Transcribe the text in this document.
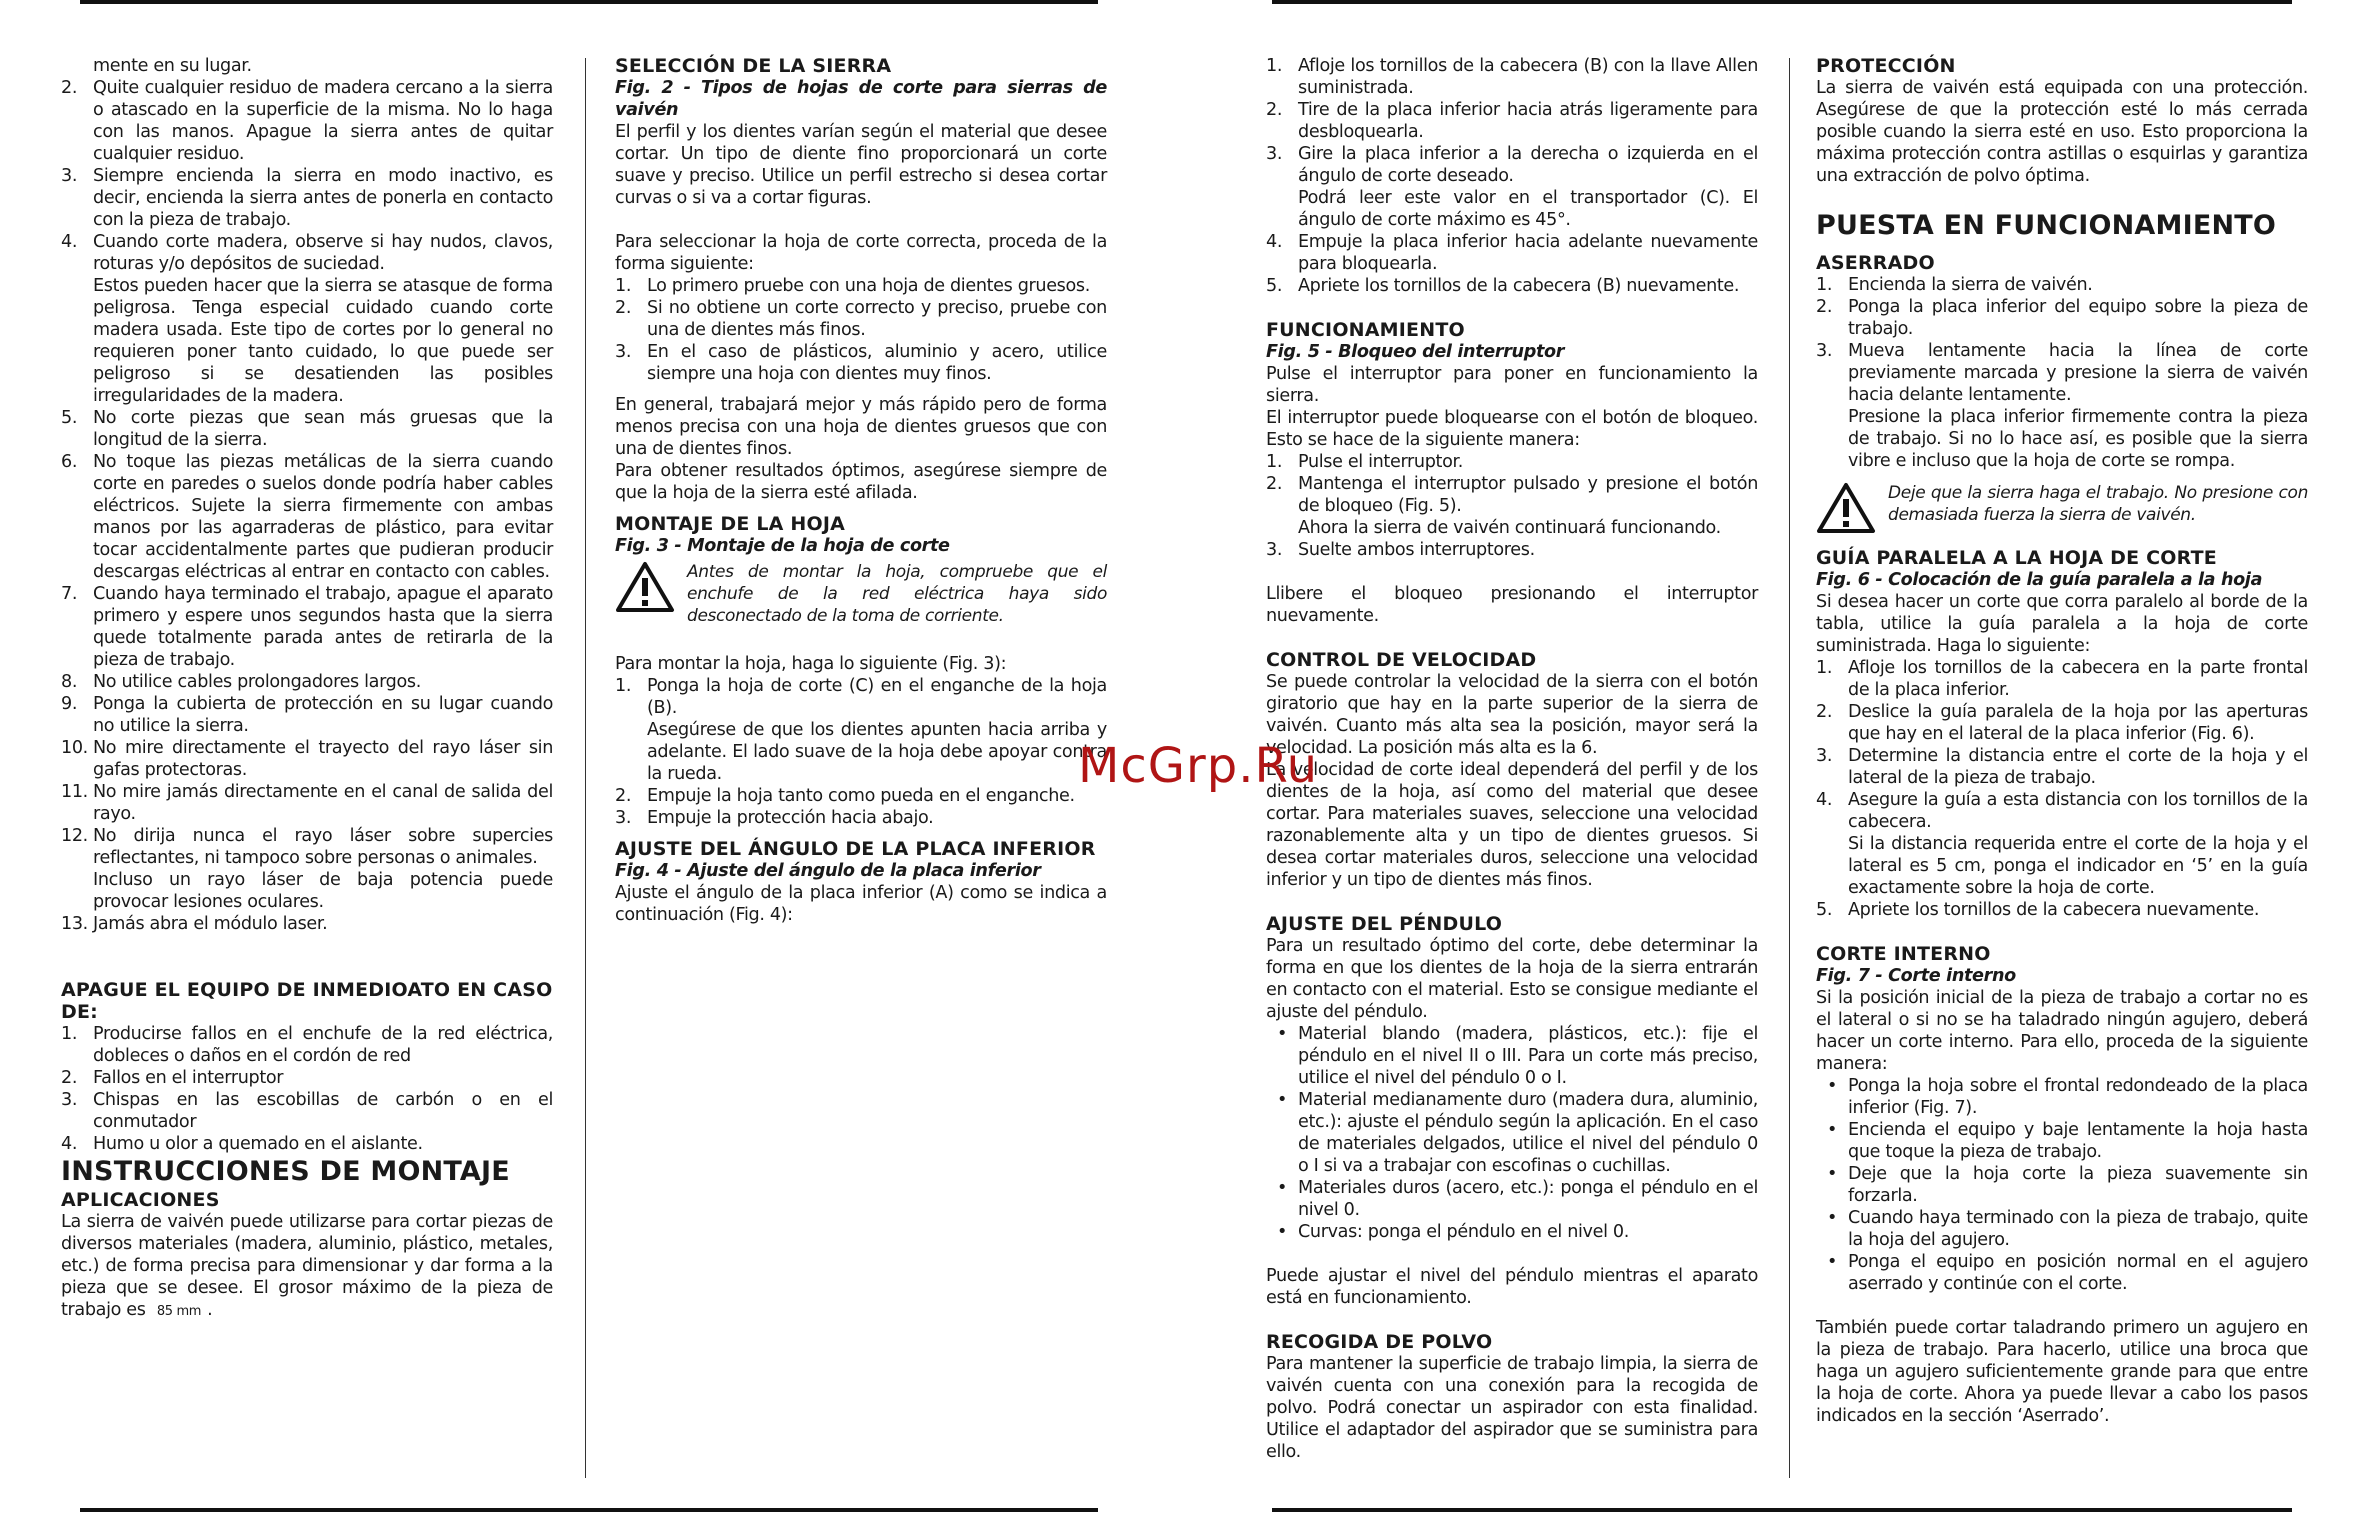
mente en su lugar.

2. Quite cualquier residuo de madera cercano a la sierra o atascado en la superficie de la misma. No lo haga con las manos. Apague la sierra antes de quitar cualquier residuo.
3. Siempre encienda la sierra en modo inactivo, es decir, encienda la sierra antes de ponerla en contacto con la pieza de trabajo.
4. Cuando corte madera, observe si hay nudos, clavos, roturas y/o depósitos de suciedad.
Estos pueden hacer que la sierra se atasque de forma peligrosa. Tenga especial cuidado cuando corte madera usada. Este tipo de cortes por lo general no requieren poner tanto cuidado, lo que puede ser peligroso si se desatienden las posibles irregularidades de la madera.
5. No corte piezas que sean más gruesas que la longitud de la sierra.
6. No toque las piezas metálicas de la sierra cuando corte en paredes o suelos donde podría haber cables eléctricos. Sujete la sierra firmemente con ambas manos por las agarraderas de plástico, para evitar tocar accidentalmente partes que pudieran producir descargas eléctricas al entrar en contacto con cables.
7. Cuando haya terminado el trabajo, apague el aparato primero y espere unos segundos hasta que la sierra quede totalmente parada antes de retirarla de la pieza de trabajo.
8. No utilice cables prolongadores largos.
9. Ponga la cubierta de protección en su lugar cuando no utilice la sierra.
10. No mire directamente el trayecto del rayo láser sin gafas protectoras.
11. No mire jamás directamente en el canal de salida del rayo.
12. No dirija nunca el rayo láser sobre supercies reflectantes, ni tampoco sobre personas o animales.
Incluso un rayo láser de baja potencia puede provocar lesiones oculares.
13. Jamás abra el módulo laser.

APAGUE EL EQUIPO DE INMEDIOATO EN CASO DE:

1. Producirse fallos en el enchufe de la red eléctrica, dobleces o daños en el cordón de red
2. Fallos en el interruptor
3. Chispas en las escobillas de carbón o en el conmutador
4. Humo u olor a quemado en el aislante.

INSTRUCCIONES DE MONTAJE

APLICACIONES

La sierra de vaivén puede utilizarse para cortar piezas de diversos materiales (madera, aluminio, plástico, metales, etc.) de forma precisa para dimensionar y dar forma a la pieza que se desee. El grosor máximo de la pieza de trabajo es 85 mm .

SELECCIÓN DE LA SIERRA

Fig. 2 - Tipos de hojas de corte para sierras de vaivén

El perfil y los dientes varían según el material que desee cortar. Un tipo de diente fino proporcionará un corte suave y preciso. Utilice un perfil estrecho si desea cortar curvas o si va a cortar figuras.

Para seleccionar la hoja de corte correcta, proceda de la forma siguiente:

1. Lo primero pruebe con una hoja de dientes gruesos.
2. Si no obtiene un corte correcto y preciso, pruebe con una de dientes más finos.
3. En el caso de plásticos, aluminio y acero, utilice siempre una hoja con dientes muy finos.

En general, trabajará mejor y más rápido pero de forma menos precisa con una hoja de dientes gruesos que con una de dientes finos.

Para obtener resultados óptimos, asegúrese siempre de que la hoja de la sierra esté afilada.

MONTAJE DE LA HOJA

Fig. 3 - Montaje de la hoja de corte

Antes de montar la hoja, compruebe que el enchufe de la red eléctrica haya sido desconectado de la toma de corriente.

Para montar la hoja, haga lo siguiente (Fig. 3):

1. Ponga la hoja de corte (C) en el enganche de la hoja (B).
Asegúrese de que los dientes apunten hacia arriba y adelante. El lado suave de la hoja debe apoyar contra la rueda.
2. Empuje la hoja tanto como pueda en el enganche.
3. Empuje la protección hacia abajo.

AJUSTE DEL ÁNGULO DE LA PLACA INFERIOR

Fig. 4 - Ajuste del ángulo de la placa inferior

Ajuste el ángulo de la placa inferior (A) como se indica a continuación (Fig. 4):

1. Afloje los tornillos de la cabecera (B) con la llave Allen suministrada.
2. Tire de la placa inferior hacia atrás ligeramente para desbloquearla.
3. Gire la placa inferior a la derecha o izquierda en el ángulo de corte deseado.
Podrá leer este valor en el transportador (C). El ángulo de corte máximo es 45°.
4. Empuje la placa inferior hacia adelante nuevamente para bloquearla.
5. Apriete los tornillos de la cabecera (B) nuevamente.

FUNCIONAMIENTO

Fig. 5 - Bloqueo del interruptor

Pulse el interruptor para poner en funcionamiento la sierra.

El interruptor puede bloquearse con el botón de bloqueo. Esto se hace de la siguiente manera:

1. Pulse el interruptor.
2. Mantenga el interruptor pulsado y presione el botón de bloqueo (Fig. 5).
Ahora la sierra de vaivén continuará funcionando.
3. Suelte ambos interruptores.

Llibere el bloqueo presionando el interruptor nuevamente.

CONTROL DE VELOCIDAD

Se puede controlar la velocidad de la sierra con el botón giratorio que hay en la parte superior de la sierra de vaivén. Cuanto más alta sea la posición, mayor será la velocidad. La posición más alta es la 6.

La velocidad de corte ideal dependerá del perfil y de los dientes de la hoja, así como del material que desee cortar. Para materiales suaves, seleccione una velocidad razonablemente alta y un tipo de dientes gruesos. Si desea cortar materiales duros, seleccione una velocidad inferior y un tipo de dientes más finos.

AJUSTE DEL PÉNDULO

Para un resultado óptimo del corte, debe determinar la forma en que los dientes de la hoja de la sierra entrarán en contacto con el material. Esto se consigue mediante el ajuste del péndulo.

• Material blando (madera, plásticos, etc.): fije el péndulo en el nivel II o III. Para un corte más preciso, utilice el nivel del péndulo 0 o I.
• Material medianamente duro (madera dura, aluminio, etc.): ajuste el péndulo según la aplicación. En el caso de materiales delgados, utilice el nivel del péndulo 0 o I si va a trabajar con escofinas o cuchillas.
• Materiales duros (acero, etc.): ponga el péndulo en el nivel 0.
• Curvas: ponga el péndulo en el nivel 0.

Puede ajustar el nivel del péndulo mientras el aparato está en funcionamiento.

RECOGIDA DE POLVO

Para mantener la superficie de trabajo limpia, la sierra de vaivén cuenta con una conexión para la recogida de polvo. Podrá conectar un aspirador con esta finalidad. Utilice el adaptador del aspirador que se suministra para ello.

PROTECCIÓN

La sierra de vaivén está equipada con una protección. Asegúrese de que la protección esté lo más cerrada posible cuando la sierra esté en uso. Esto proporciona la máxima protección contra astillas o esquirlas y garantiza una extracción de polvo óptima.

PUESTA EN FUNCIONAMIENTO

ASERRADO

1. Encienda la sierra de vaivén.
2. Ponga la placa inferior del equipo sobre la pieza de trabajo.
3. Mueva lentamente hacia la línea de corte previamente marcada y presione la sierra de vaivén hacia delante lentamente.
Presione la placa inferior firmemente contra la pieza de trabajo. Si no lo hace así, es posible que la sierra vibre e incluso que la hoja de corte se rompa.
Deje que la sierra haga el trabajo. No presione con demasiada fuerza la sierra de vaivén.

GUÍA PARALELA A LA HOJA DE CORTE

Fig. 6 - Colocación de la guía paralela a la hoja

Si desea hacer un corte que corra paralelo al borde de la tabla, utilice la guía paralela a la hoja de corte suministrada. Haga lo siguiente:

1. Afloje los tornillos de la cabecera en la parte frontal de la placa inferior.
2. Deslice la guía paralela de la hoja por las aperturas que hay en el lateral de la placa inferior (Fig. 6).
3. Determine la distancia entre el corte de la hoja y el lateral de la pieza de trabajo.
4. Asegure la guía a esta distancia con los tornillos de la cabecera.
Si la distancia requerida entre el corte de la hoja y el lateral es 5 cm, ponga el indicador en ‘5’ en la guía exactamente sobre la hoja de corte.
5. Apriete los tornillos de la cabecera nuevamente.

CORTE INTERNO

Fig. 7 - Corte interno

Si la posición inicial de la pieza de trabajo a cortar no es el lateral o si no se ha taladrado ningún agujero, deberá hacer un corte interno. Para ello, proceda de la siguiente manera:

• Ponga la hoja sobre el frontal redondeado de la placa inferior (Fig. 7).
• Encienda el equipo y baje lentamente la hoja hasta que toque la pieza de trabajo.
• Deje que la hoja corte la pieza suavemente sin forzarla.
• Cuando haya terminado con la pieza de trabajo, quite la hoja del agujero.
• Ponga el equipo en posición normal en el agujero aserrado y continúe con el corte.

También puede cortar taladrando primero un agujero en la pieza de trabajo. Para hacerlo, utilice una broca que haga un agujero suficientemente grande para que entre la hoja de corte. Ahora ya puede llevar a cabo los pasos indicados en la sección ‘Aserrado’.

McGrp.Ru
